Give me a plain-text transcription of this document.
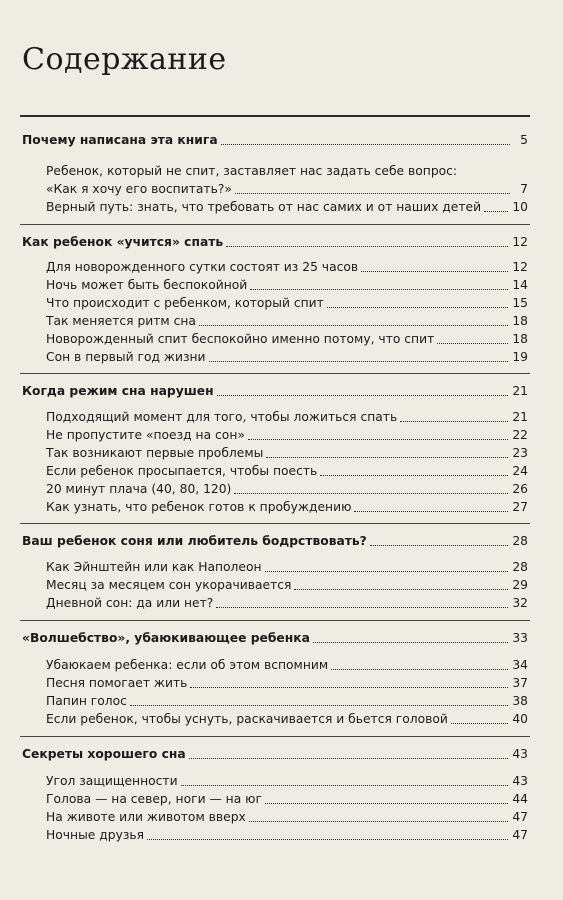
Содержание
Почему написана эта книга	5
Ребенок, который не спит, заставляет нас задать себе вопрос:
«Как я хочу его воспитать?»	7
Верный путь: знать, что требовать от нас самих и от наших детей	10
Как ребенок «учится» спать	12
Для новорожденного сутки состоят из 25 часов	12
Ночь может быть беспокойной	14
Что происходит с ребенком, который спит	15
Так меняется ритм сна	18
Новорожденный спит беспокойно именно потому, что спит	18
Сон в первый год жизни	19
Когда режим сна нарушен	21
Подходящий момент для того, чтобы ложиться спать	21
Не пропустите «поезд на сон»	22
Так возникают первые проблемы	23
Если ребенок просыпается, чтобы поесть	24
20 минут плача (40, 80, 120)	26
Как узнать, что ребенок готов к пробуждению	27
Ваш ребенок соня или любитель бодрствовать?	28
Как Эйнштейн или как Наполеон	28
Месяц за месяцем сон укорачивается	29
Дневной сон: да или нет?	32
«Волшебство», убаюкивающее ребенка	33
Убаюкаем ребенка: если об этом вспомним	34
Песня помогает жить	37
Папин голос	38
Если ребенок, чтобы уснуть, раскачивается и бьется головой	40
Секреты хорошего сна	43
Угол защищенности	43
Голова — на север, ноги — на юг	44
На животе или животом вверх	47
Ночные друзья	47
